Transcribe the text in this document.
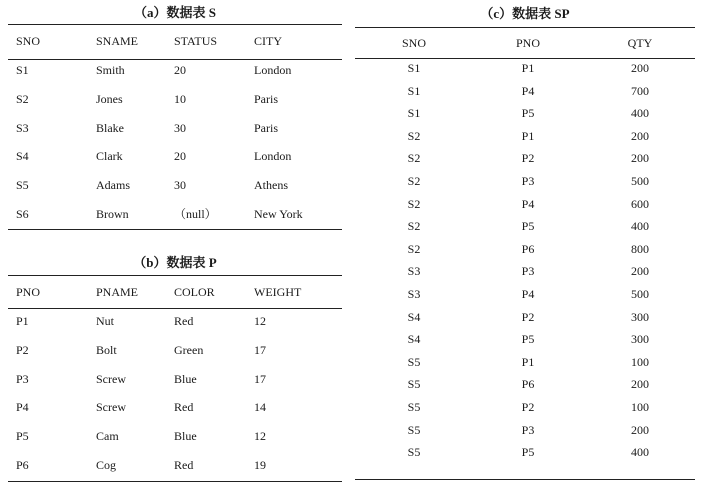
（a）数据表 S
（b）数据表 P
（c）数据表 SP
SNO	SNAME	STATUS	CITY
S1	Smith	20	London
S2	Jones	10	Paris
S3	Blake	30	Paris
S4	Clark	20	London
S5	Adams	30	Athens
S6	Brown	（null）	New York
PNO	PNAME	COLOR	WEIGHT
P1	Nut	Red	12
P2	Bolt	Green	17
P3	Screw	Blue	17
P4	Screw	Red	14
P5	Cam	Blue	12
P6	Cog	Red	19
SNO	PNO	QTY
S1	P1	200
S1	P4	700
S1	P5	400
S2	P1	200
S2	P2	200
S2	P3	500
S2	P4	600
S2	P5	400
S2	P6	800
S3	P3	200
S3	P4	500
S4	P2	300
S4	P5	300
S5	P1	100
S5	P6	200
S5	P2	100
S5	P3	200
S5	P5	400
